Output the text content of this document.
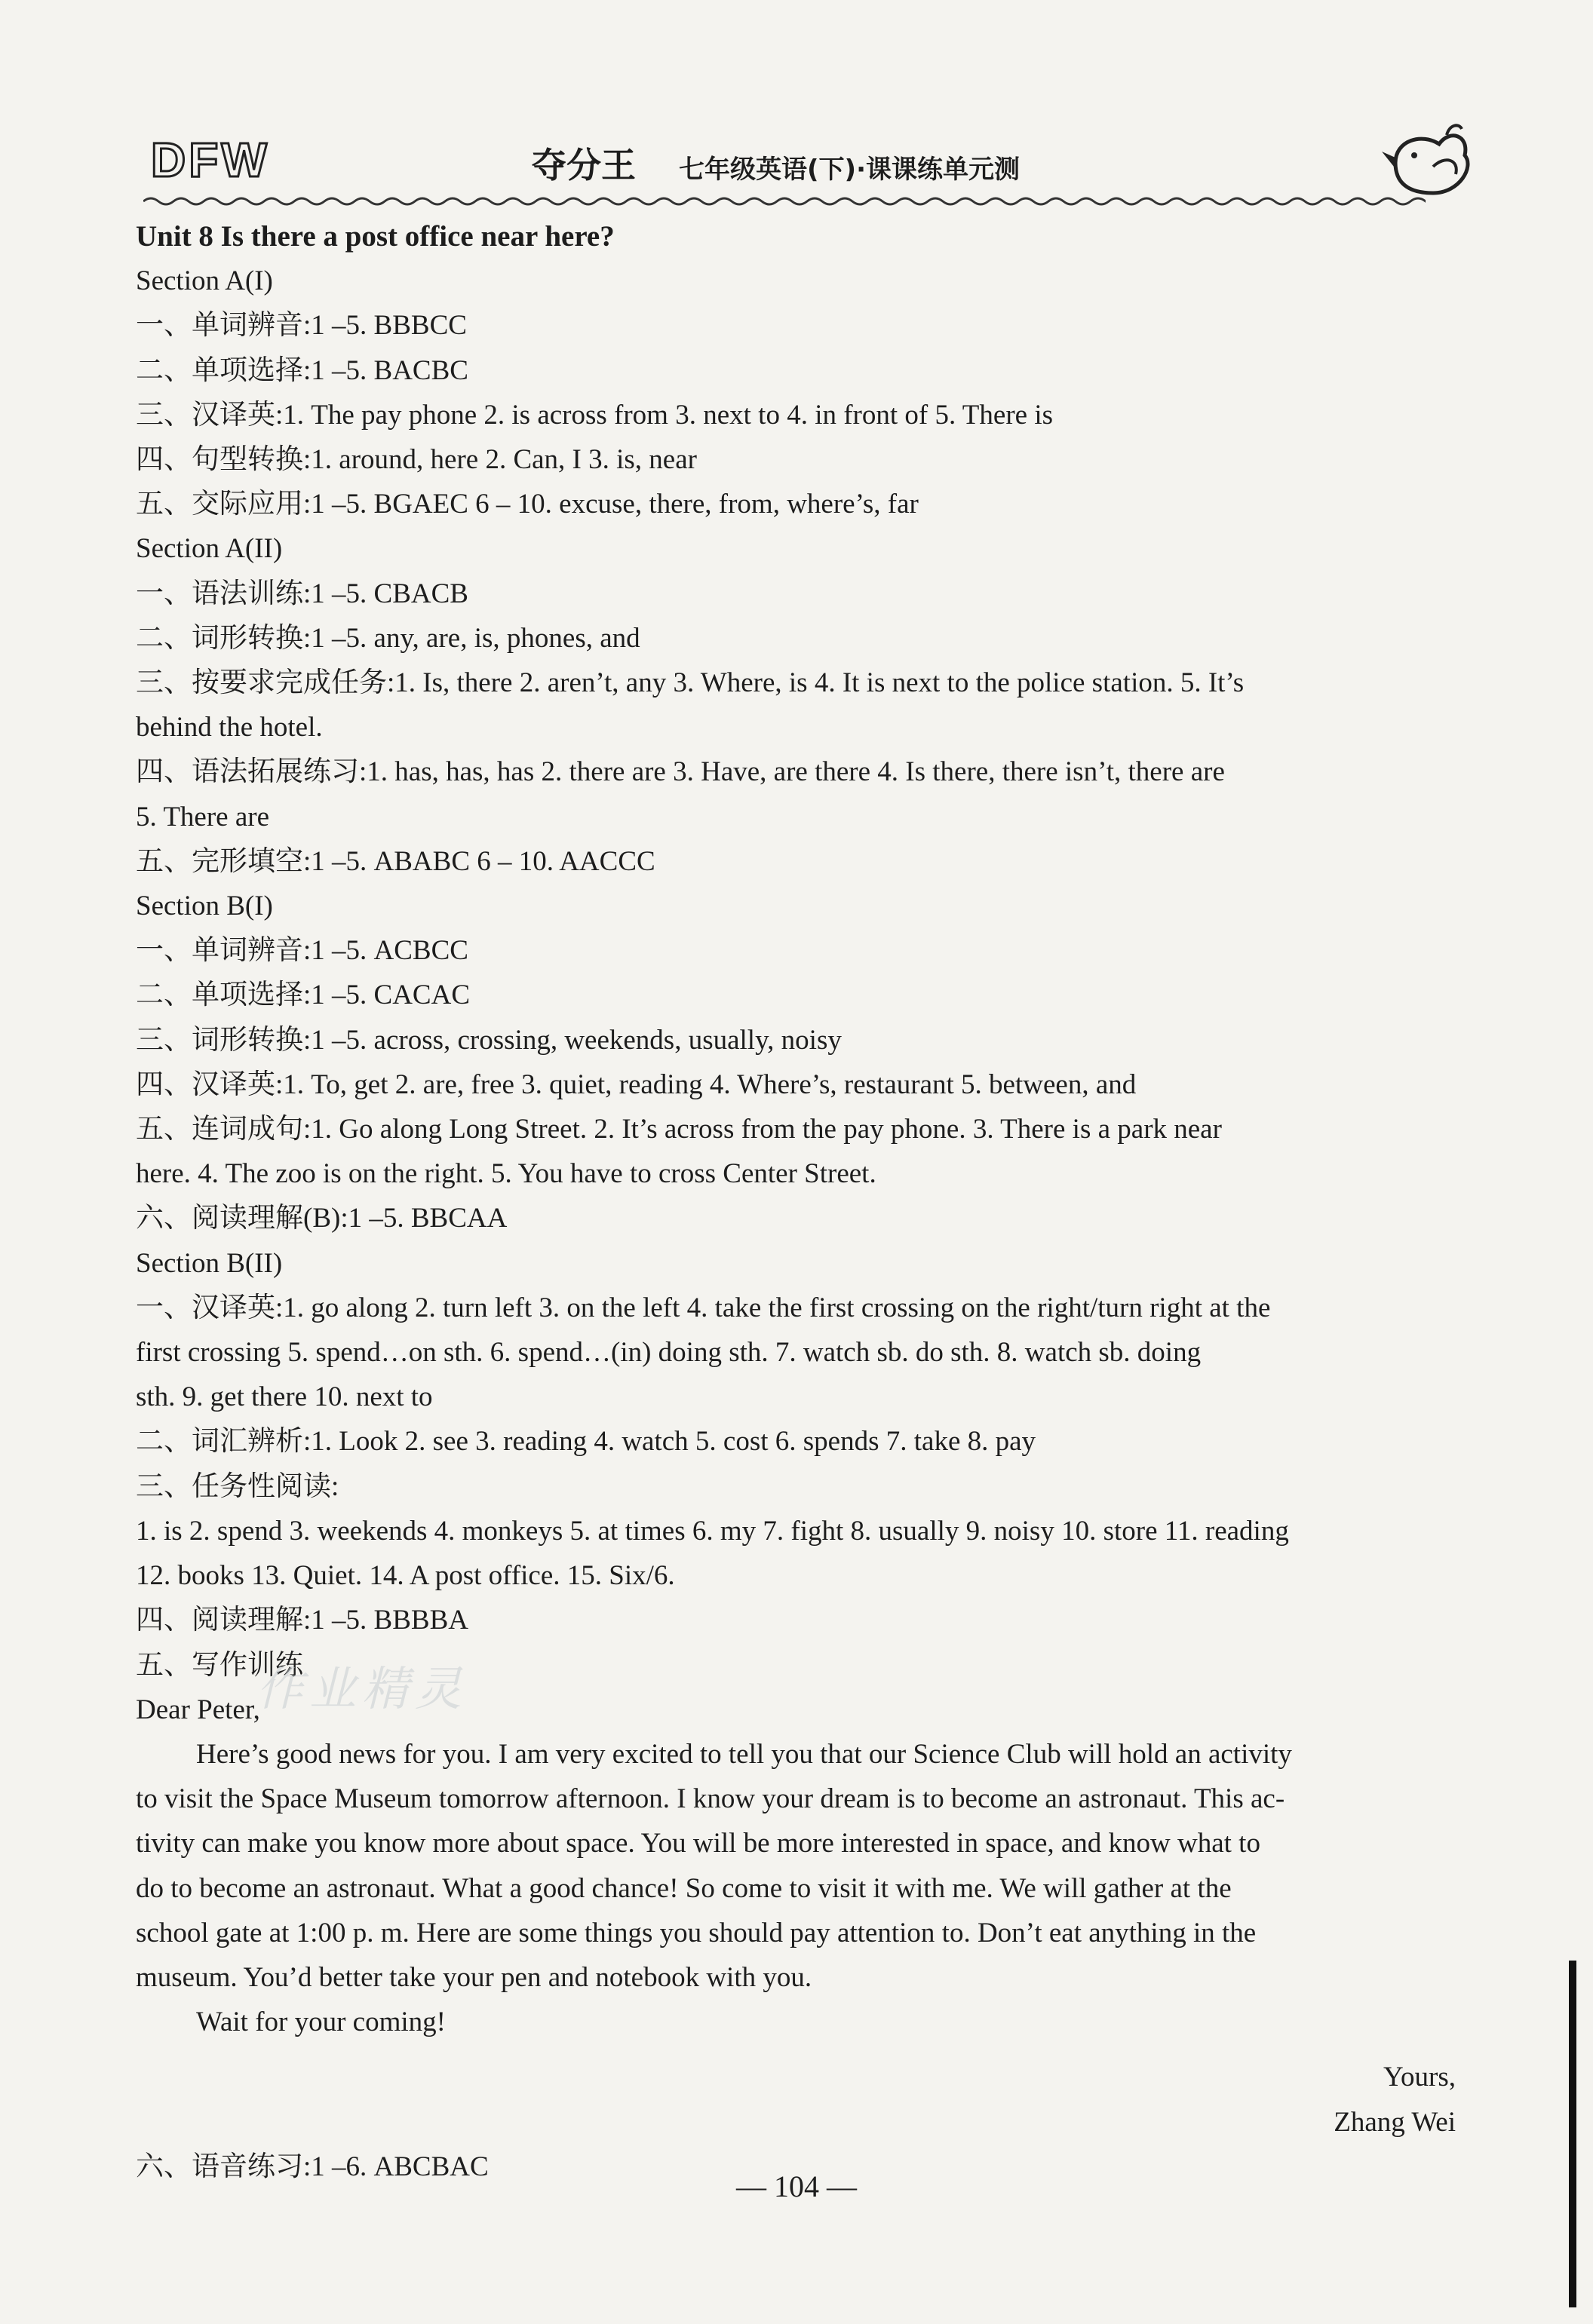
DFW	夺分王 七年级英语(下)·课课练单元测
Unit 8 Is there a post office near here?
Section A(I)
一、单词辨音:1 –5. BBBCC
二、单项选择:1 –5. BACBC
三、汉译英:1. The pay phone 2. is across from 3. next to 4. in front of 5. There is
四、句型转换:1. around, here 2. Can, I 3. is, near
五、交际应用:1 –5. BGAEC 6 – 10. excuse, there, from, where’s, far
Section A(II)
一、语法训练:1 –5. CBACB
二、词形转换:1 –5. any, are, is, phones, and
三、按要求完成任务:1. Is, there 2. aren’t, any 3. Where, is 4. It is next to the police station. 5. It’s
behind the hotel.
四、语法拓展练习:1. has, has, has 2. there are 3. Have, are there 4. Is there, there isn’t, there are
5. There are
五、完形填空:1 –5. ABABC 6 – 10. AACCC
Section B(I)
一、单词辨音:1 –5. ACBCC
二、单项选择:1 –5. CACAC
三、词形转换:1 –5. across, crossing, weekends, usually, noisy
四、汉译英:1. To, get 2. are, free 3. quiet, reading 4. Where’s, restaurant 5. between, and
五、连词成句:1. Go along Long Street. 2. It’s across from the pay phone. 3. There is a park near
here. 4. The zoo is on the right. 5. You have to cross Center Street.
六、阅读理解(B):1 –5. BBCAA
Section B(II)
一、汉译英:1. go along 2. turn left 3. on the left 4. take the first crossing on the right/turn right at the
first crossing 5. spend…on sth. 6. spend…(in) doing sth. 7. watch sb. do sth. 8. watch sb. doing
sth. 9. get there 10. next to
二、词汇辨析:1. Look 2. see 3. reading 4. watch 5. cost 6. spends 7. take 8. pay
三、任务性阅读:
1. is 2. spend 3. weekends 4. monkeys 5. at times 6. my 7. fight 8. usually 9. noisy 10. store 11. reading
12. books 13. Quiet. 14. A post office. 15. Six/6.
四、阅读理解:1 –5. BBBBA
五、写作训练
Dear Peter,
Here’s good news for you. I am very excited to tell you that our Science Club will hold an activity
to visit the Space Museum tomorrow afternoon. I know your dream is to become an astronaut. This ac-
tivity can make you know more about space. You will be more interested in space, and know what to
do to become an astronaut. What a good chance! So come to visit it with me. We will gather at the
school gate at 1:00 p. m. Here are some things you should pay attention to. Don’t eat anything in the
museum. You’d better take your pen and notebook with you.
Wait for your coming!
Yours,
Zhang Wei
六、语音练习:1 –6. ABCBAC
作业精灵
— 104 —
